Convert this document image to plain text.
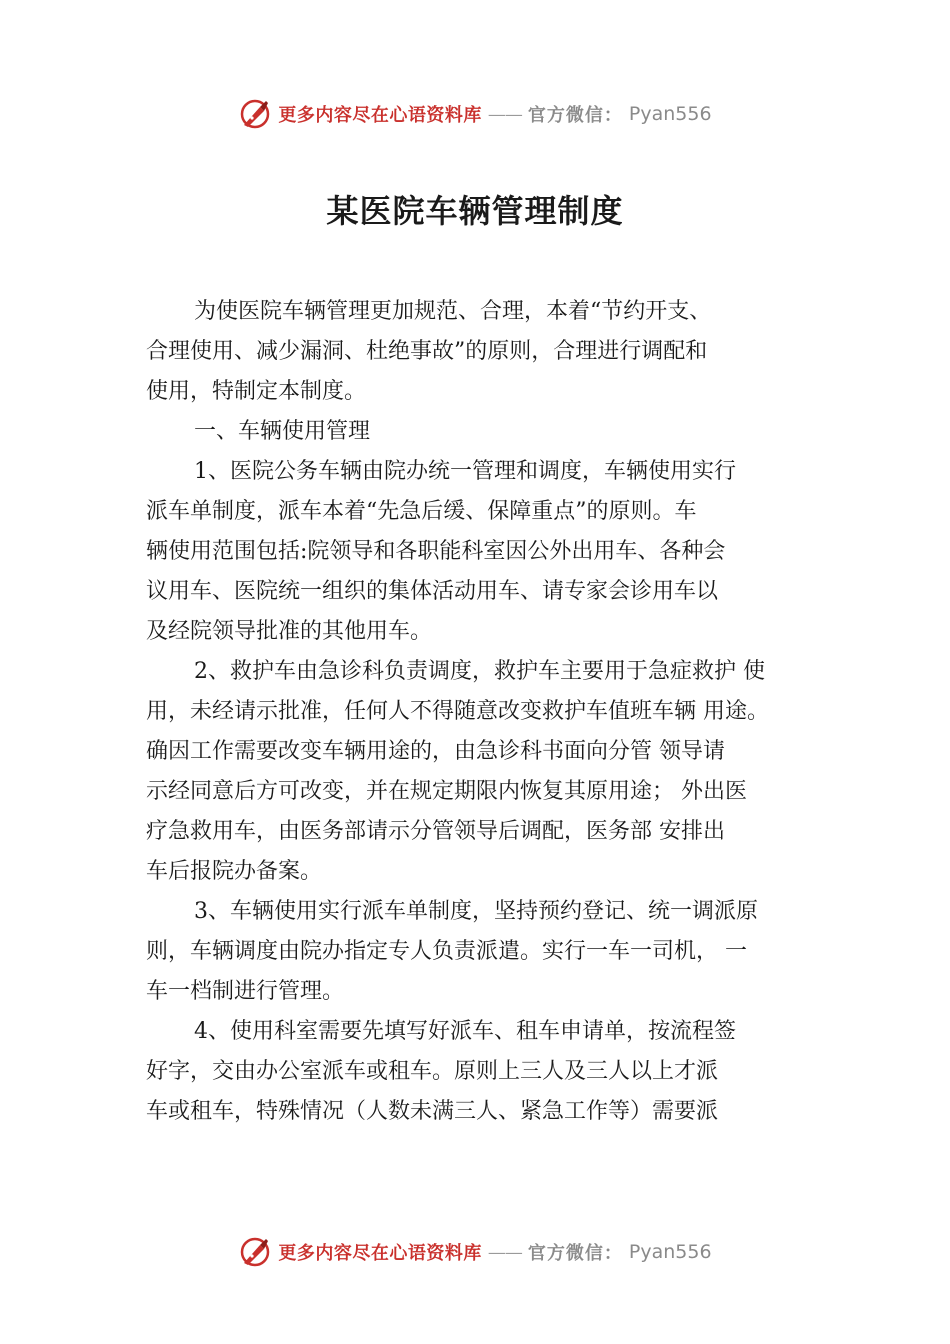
更多内容尽在心语资料库 —— 官方微信： Pyan556
某医院车辆管理制度

为使医院车辆管理更加规范、合理，本着“节约开支、
合理使用、减少漏洞、杜绝事故”的原则，合理进行调配和
使用，特制定本制度。

一、车辆使用管理

1、医院公务车辆由院办统一管理和调度，车辆使用实行
派车单制度，派车本着“先急后缓、保障重点”的原则。车
辆使用范围包括:院领导和各职能科室因公外出用车、各种会
议用车、医院统一组织的集体活动用车、请专家会诊用车以
及经院领导批准的其他用车。

2、救护车由急诊科负责调度，救护车主要用于急症救护 使
用，未经请示批准，任何人不得随意改变救护车值班车辆 用途。
确因工作需要改变车辆用途的，由急诊科书面向分管 领导请
示经同意后方可改变，并在规定期限内恢复其原用途； 外出医
疗急救用车，由医务部请示分管领导后调配，医务部 安排出
车后报院办备案。

3、车辆使用实行派车单制度，坚持预约登记、统一调派原
则，车辆调度由院办指定专人负责派遣。实行一车一司机， 一
车一档制进行管理。

4、使用科室需要先填写好派车、租车申请单，按流程签
好字，交由办公室派车或租车。原则上三人及三人以上才派
车或租车，特殊情况（人数未满三人、紧急工作等）需要派

更多内容尽在心语资料库 —— 官方微信： Pyan556
